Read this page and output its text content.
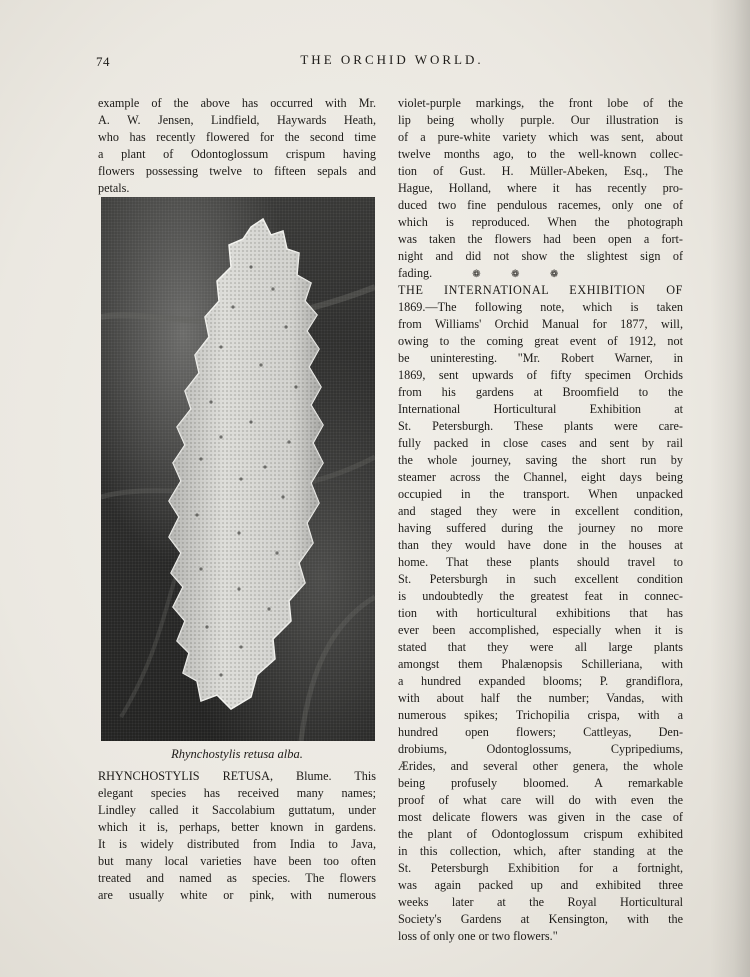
74	THE ORCHID WORLD.
example of the above has occurred with Mr.
A. W. Jensen, Lindfield, Haywards Heath,
who has recently flowered for the second time
a plant of Odontoglossum crispum having
flowers possessing twelve to fifteen sepals and
petals.
Rhynchostylis retusa alba.
RHYNCHOSTYLIS RETUSA, Blume. This
elegant species has received many names;
Lindley called it Saccolabium guttatum, under
which it is, perhaps, better known in gardens.
It is widely distributed from India to Java,
but many local varieties have been too often
treated and named as species. The flowers
are usually white or pink, with numerous
violet-purple markings, the front lobe of the
lip being wholly purple. Our illustration is
of a pure-white variety which was sent, about
twelve months ago, to the well-known collec-
tion of Gust. H. Müller-Abeken, Esq., The
Hague, Holland, where it has recently pro-
duced two fine pendulous racemes, only one of
which is reproduced. When the photograph
was taken the flowers had been open a fort-
night and did not show the slightest sign of
fading.	❁ ❁ ❁
THE INTERNATIONAL EXHIBITION OF
1869.—The following note, which is taken
from Williams' Orchid Manual for 1877, will,
owing to the coming great event of 1912, not
be uninteresting. "Mr. Robert Warner, in
1869, sent upwards of fifty specimen Orchids
from his gardens at Broomfield to the
International Horticultural Exhibition at
St. Petersburgh. These plants were care-
fully packed in close cases and sent by rail
the whole journey, saving the short run by
steamer across the Channel, eight days being
occupied in the transport. When unpacked
and staged they were in excellent condition,
having suffered during the journey no more
than they would have done in the houses at
home. That these plants should travel to
St. Petersburgh in such excellent condition
is undoubtedly the greatest feat in connec-
tion with horticultural exhibitions that has
ever been accomplished, especially when it is
stated that they were all large plants
amongst them Phalænopsis Schilleriana, with
a hundred expanded blooms; P. grandiflora,
with about half the number; Vandas, with
numerous spikes; Trichopilia crispa, with a
hundred open flowers; Cattleyas, Den-
drobiums, Odontoglossums, Cypripediums,
Ærides, and several other genera, the whole
being profusely bloomed. A remarkable
proof of what care will do with even the
most delicate flowers was given in the case of
the plant of Odontoglossum crispum exhibited
in this collection, which, after standing at the
St. Petersburgh Exhibition for a fortnight,
was again packed up and exhibited three
weeks later at the Royal Horticultural
Society's Gardens at Kensington, with the
loss of only one or two flowers."
